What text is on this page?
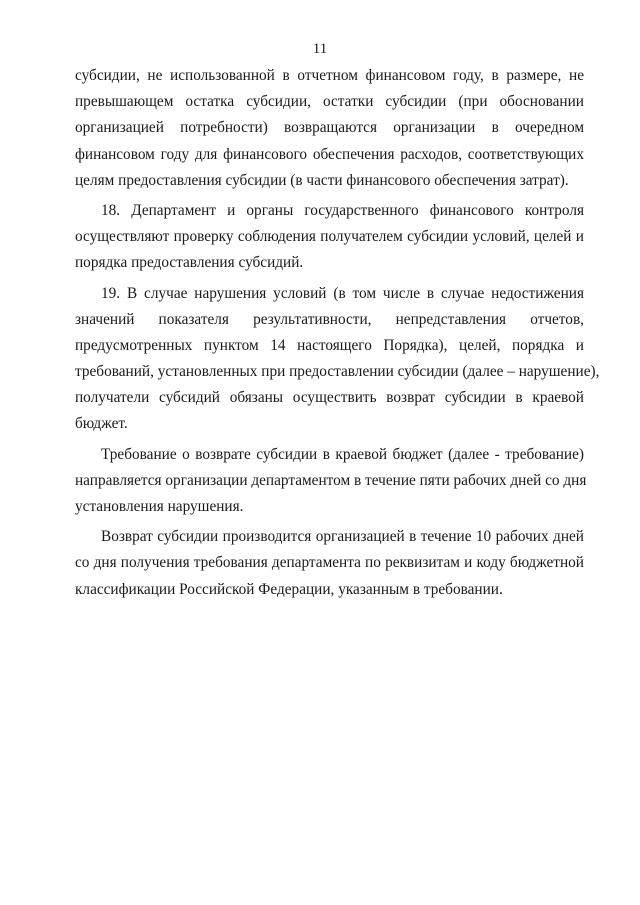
11
субсидии, не использованной в отчетном финансовом году, в размере, не
превышающем остатка субсидии, остатки субсидии (при обосновании
организацией потребности) возвращаются организации в очередном
финансовом году для финансового обеспечения расходов, соответствующих
целям предоставления субсидии (в части финансового обеспечения затрат).
18. Департамент и органы государственного финансового контроля
осуществляют проверку соблюдения получателем субсидии условий, целей и
порядка предоставления субсидий.
19. В случае нарушения условий (в том числе в случае недостижения
значений показателя результативности, непредставления отчетов,
предусмотренных пунктом 14 настоящего Порядка), целей, порядка и
требований, установленных при предоставлении субсидии (далее – нарушение),
получатели субсидий обязаны осуществить возврат субсидии в краевой
бюджет.
Требование о возврате субсидии в краевой бюджет (далее - требование)
направляется организации департаментом в течение пяти рабочих дней со дня
установления нарушения.
Возврат субсидии производится организацией в течение 10 рабочих дней
со дня получения требования департамента по реквизитам и коду бюджетной
классификации Российской Федерации, указанным в требовании.
